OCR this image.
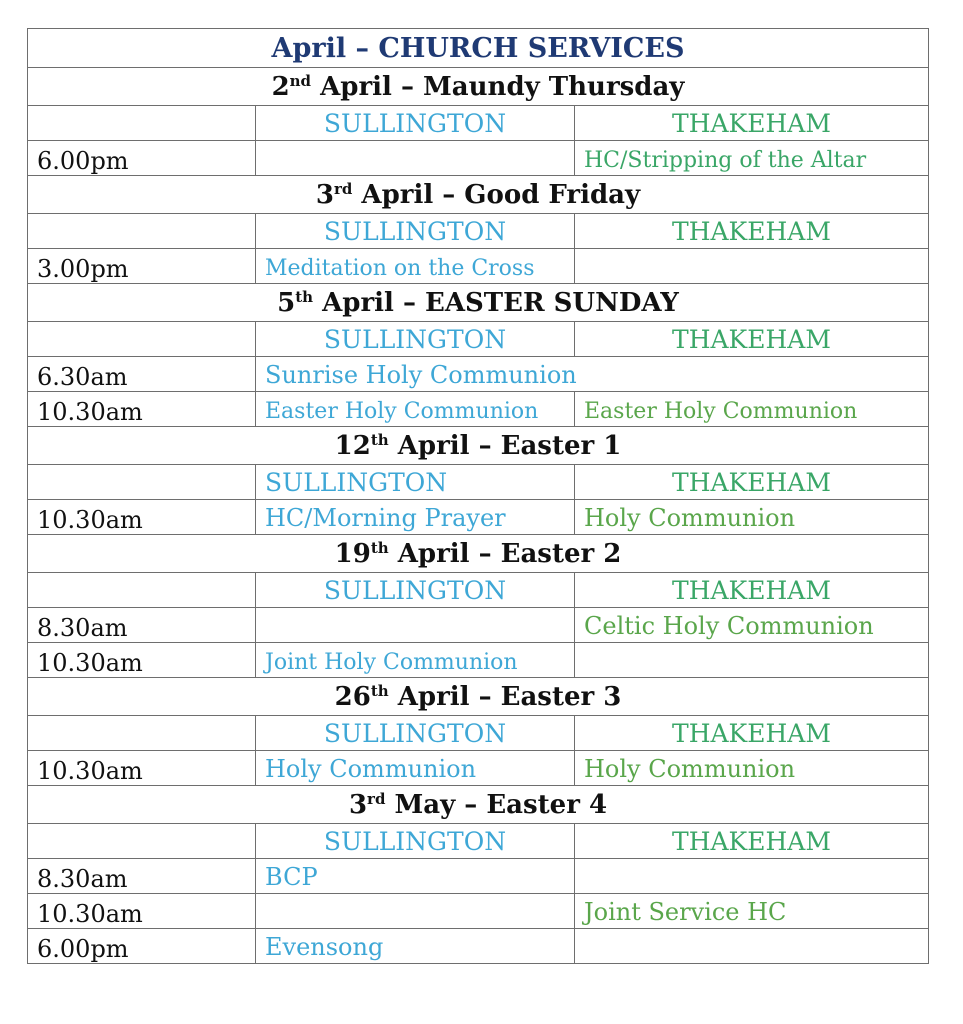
April – CHURCH SERVICES		
2nd April – Maundy Thursday		
	SULLINGTON	THAKEHAM
6.00pm		HC/Stripping of the Altar
3rd April – Good Friday		
	SULLINGTON	THAKEHAM
3.00pm	Meditation on the Cross	
5th April – EASTER SUNDAY		
	SULLINGTON	THAKEHAM
6.30am	Sunrise Holy Communion	
10.30am	Easter Holy Communion	Easter Holy Communion
12th April – Easter 1		
	SULLINGTON	THAKEHAM
10.30am	HC/Morning Prayer	Holy Communion
19th April – Easter 2		
	SULLINGTON	THAKEHAM
8.30am		Celtic Holy Communion
10.30am	Joint Holy Communion	
26th April – Easter 3		
	SULLINGTON	THAKEHAM
10.30am	Holy Communion	Holy Communion
3rd May – Easter 4		
	SULLINGTON	THAKEHAM
8.30am	BCP	
10.30am		Joint Service HC
6.00pm	Evensong	
